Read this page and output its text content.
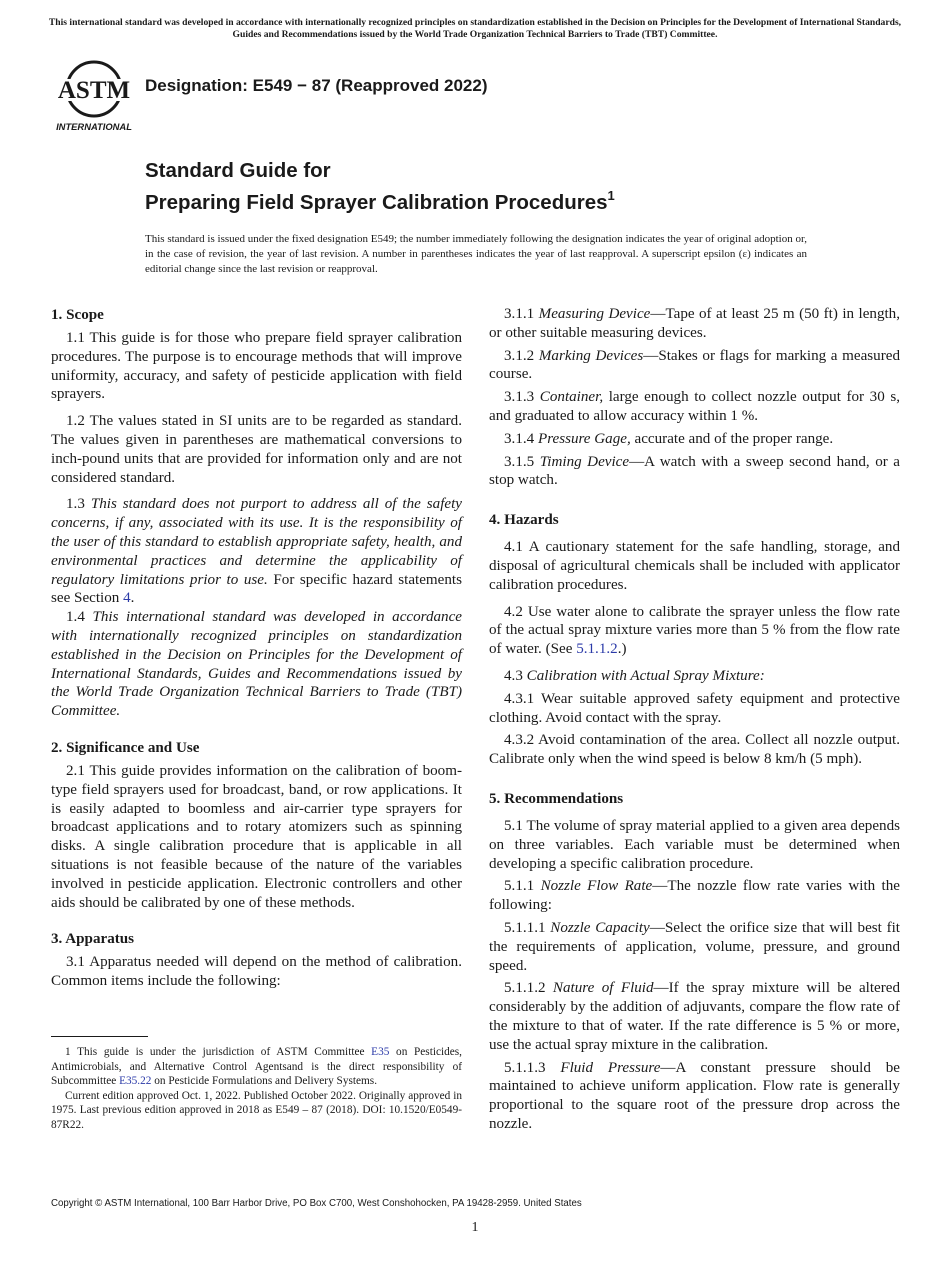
This international standard was developed in accordance with internationally recognized principles on standardization established in the Decision on Principles for the Development of International Standards, Guides and Recommendations issued by the World Trade Organization Technical Barriers to Trade (TBT) Committee.
ASTM
INTERNATIONAL
Designation: E549 − 87 (Reapproved 2022)
Standard Guide for
Preparing Field Sprayer Calibration Procedures$^1$
This standard is issued under the fixed designation E549; the number immediately following the designation indicates the year of original adoption or, in the case of revision, the year of last revision. A number in parentheses indicates the year of last reapproval. A superscript epsilon (ε) indicates an editorial change since the last revision or reapproval.
1. Scope

1.1 This guide is for those who prepare field sprayer calibration procedures. The purpose is to encourage methods that will improve uniformity, accuracy, and safety of pesticide application with field sprayers.

1.2 The values stated in SI units are to be regarded as standard. The values given in parentheses are mathematical conversions to inch-pound units that are provided for information only and are not considered standard.

1.3 This standard does not purport to address all of the safety concerns, if any, associated with its use. It is the responsibility of the user of this standard to establish appropriate safety, health, and environmental practices and determine the applicability of regulatory limitations prior to use. For specific hazard statements see Section 4.

1.4 This international standard was developed in accordance with internationally recognized principles on standardization established in the Decision on Principles for the Development of International Standards, Guides and Recommendations issued by the World Trade Organization Technical Barriers to Trade (TBT) Committee.

2. Significance and Use

2.1 This guide provides information on the calibration of boom-type field sprayers used for broadcast, band, or row applications. It is easily adapted to boomless and air-carrier type sprayers for broadcast applications and to rotary atomizers such as spinning disks. A single calibration procedure that is applicable in all situations is not feasible because of the nature of the variables involved in pesticide application. Electronic controllers and other aids should be calibrated by one of these methods.

3. Apparatus

3.1 Apparatus needed will depend on the method of calibration. Common items include the following:

1 This guide is under the jurisdiction of ASTM Committee E35 on Pesticides, Antimicrobials, and Alternative Control Agentsand is the direct responsibility of Subcommittee E35.22 on Pesticide Formulations and Delivery Systems.

Current edition approved Oct. 1, 2022. Published October 2022. Originally approved in 1975. Last previous edition approved in 2018 as E549 – 87 (2018). DOI: 10.1520/E0549-87R22.

3.1.1 Measuring Device—Tape of at least 25 m (50 ft) in length, or other suitable measuring devices.

3.1.2 Marking Devices—Stakes or flags for marking a measured course.

3.1.3 Container, large enough to collect nozzle output for 30 s, and graduated to allow accuracy within 1 %.

3.1.4 Pressure Gage, accurate and of the proper range.

3.1.5 Timing Device—A watch with a sweep second hand, or a stop watch.

4. Hazards

4.1 A cautionary statement for the safe handling, storage, and disposal of agricultural chemicals shall be included with applicator calibration procedures.

4.2 Use water alone to calibrate the sprayer unless the flow rate of the actual spray mixture varies more than 5 % from the flow rate of water. (See 5.1.1.2.)

4.3 Calibration with Actual Spray Mixture:

4.3.1 Wear suitable approved safety equipment and protective clothing. Avoid contact with the spray.

4.3.2 Avoid contamination of the area. Collect all nozzle output. Calibrate only when the wind speed is below 8 km/h (5 mph).

5. Recommendations

5.1 The volume of spray material applied to a given area depends on three variables. Each variable must be determined when developing a specific calibration procedure.

5.1.1 Nozzle Flow Rate—The nozzle flow rate varies with the following:

5.1.1.1 Nozzle Capacity—Select the orifice size that will best fit the requirements of application, volume, pressure, and ground speed.

5.1.1.2 Nature of Fluid—If the spray mixture will be altered considerably by the addition of adjuvants, compare the flow rate of the mixture to that of water. If the rate difference is 5 % or more, use the actual spray mixture in the calibration.

5.1.1.3 Fluid Pressure—A constant pressure should be maintained to achieve uniform application. Flow rate is generally proportional to the square root of the pressure drop across the nozzle.

Copyright © ASTM International, 100 Barr Harbor Drive, PO Box C700, West Conshohocken, PA 19428-2959. United States
1
